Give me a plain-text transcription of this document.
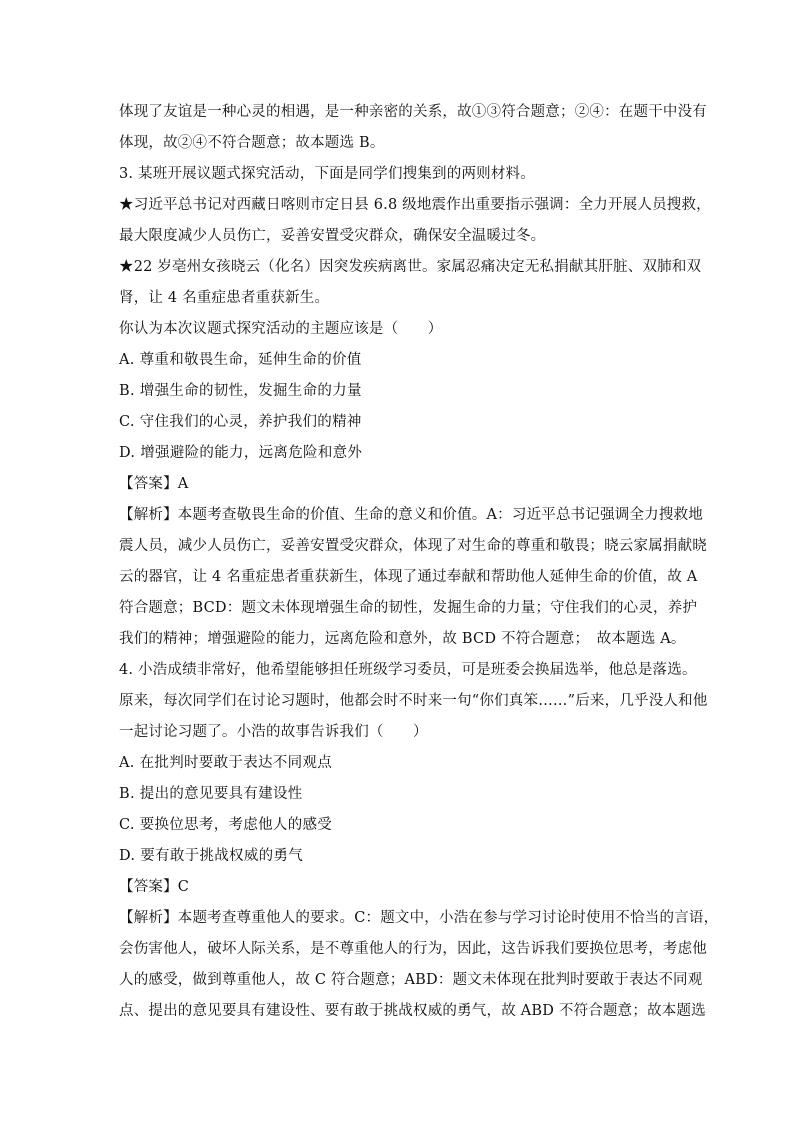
体现了友谊是一种心灵的相遇，是一种亲密的关系，故①③符合题意；②④：在题干中没有
体现，故②④不符合题意；故本题选 B。
3. 某班开展议题式探究活动，下面是同学们搜集到的两则材料。
★习近平总书记对西藏日喀则市定日县 6.8 级地震作出重要指示强调：全力开展人员搜救，
最大限度减少人员伤亡，妥善安置受灾群众，确保安全温暖过冬。
★22 岁亳州女孩晓云（化名）因突发疾病离世。家属忍痛决定无私捐献其肝脏、双肺和双
肾，让 4 名重症患者重获新生。
你认为本次议题式探究活动的主题应该是（　　）
A. 尊重和敬畏生命，延伸生命的价值
B. 增强生命的韧性，发掘生命的力量
C. 守住我们的心灵，养护我们的精神
D. 增强避险的能力，远离危险和意外
【答案】A
【解析】本题考查敬畏生命的价值、生命的意义和价值。A：习近平总书记强调全力搜救地
震人员，减少人员伤亡，妥善安置受灾群众，体现了对生命的尊重和敬畏；晓云家属捐献晓
云的器官，让 4 名重症患者重获新生，体现了通过奉献和帮助他人延伸生命的价值，故 A
符合题意；BCD：题文未体现增强生命的韧性，发掘生命的力量；守住我们的心灵，养护
我们的精神；增强避险的能力，远离危险和意外，故 BCD 不符合题意；　故本题选 A。
4. 小浩成绩非常好，他希望能够担任班级学习委员，可是班委会换届选举，他总是落选。
原来，每次同学们在讨论习题时，他都会时不时来一句“你们真笨……”后来，几乎没人和他
一起讨论习题了。小浩的故事告诉我们（　　）
A. 在批判时要敢于表达不同观点
B. 提出的意见要具有建设性
C. 要换位思考，考虑他人的感受
D. 要有敢于挑战权威的勇气
【答案】C
【解析】本题考查尊重他人的要求。C：题文中，小浩在参与学习讨论时使用不恰当的言语，
会伤害他人，破坏人际关系，是不尊重他人的行为，因此，这告诉我们要换位思考，考虑他
人的感受，做到尊重他人，故 C 符合题意；ABD：题文未体现在批判时要敢于表达不同观
点、提出的意见要具有建设性、要有敢于挑战权威的勇气，故 ABD 不符合题意；故本题选
